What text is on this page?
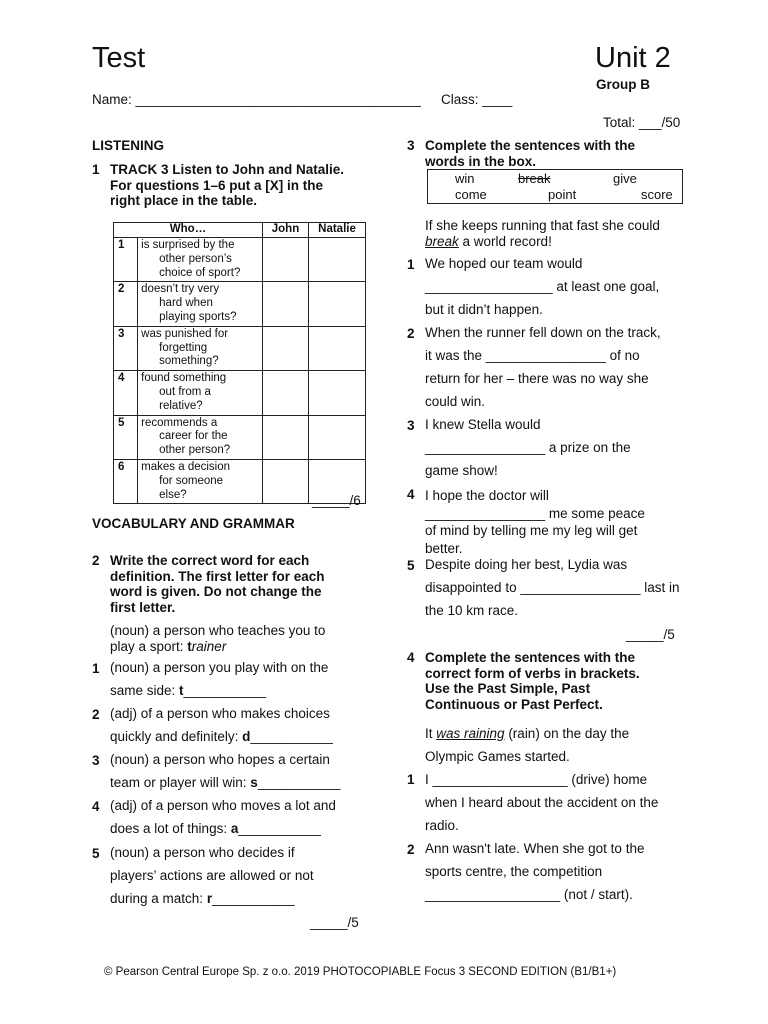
Test	Unit 2
Group B
Name: ______________________________________ Class: ____
Total: ___/50
LISTENING
1 TRACK 3 Listen to John and Natalie.
For questions 1–6 put a [X] in the
right place in the table.
Who…		John	Natalie
1	is surprised by the
other person’s
choice of sport?		

2	doesn’t try very
hard when
playing sports?		

3	was punished for
forgetting
something?		

4	found something
out from a
relative?		

5	recommends a
career for the
other person?		

6	makes a decision
for someone
else?		
			_____/6
VOCABULARY AND GRAMMAR
2 Write the correct word for each
definition. The first letter for each
word is given. Do not change the
first letter.
(noun) a person who teaches you to
play a sport: trainer
1 (noun) a person you play with on the
same side: t___________
2 (adj) of a person who makes choices
quickly and definitely: d___________
3 (noun) a person who hopes a certain
team or player will win: s___________
4 (adj) of a person who moves a lot and
does a lot of things: a___________
5 (noun) a person who decides if
players’ actions are allowed or not
during a match: r___________
_____/5
3 Complete the sentences with the
words in the box.
win	break	give
come	point	score
If she keeps running that fast she could
break a world record!
1 We hoped our team would
_________________ at least one goal,
but it didn’t happen.
2 When the runner fell down on the track,
it was the ________________ of no
return for her – there was no way she
could win.
3 I knew Stella would
________________ a prize on the
game show!
4 I hope the doctor will
________________ me some peace
of mind by telling me my leg will get
better.
5 Despite doing her best, Lydia was
disappointed to ________________ last in
the 10 km race.
_____/5
4 Complete the sentences with the
correct form of verbs in brackets.
Use the Past Simple, Past
Continuous or Past Perfect.
It was raining (rain) on the day the
Olympic Games started.
1 I __________________ (drive) home
when I heard about the accident on the
radio.
2 Ann wasn't late. When she got to the
sports centre, the competition
__________________ (not / start).
© Pearson Central Europe Sp. z o.o. 2019 PHOTOCOPIABLE Focus 3 SECOND EDITION (B1/B1+)
